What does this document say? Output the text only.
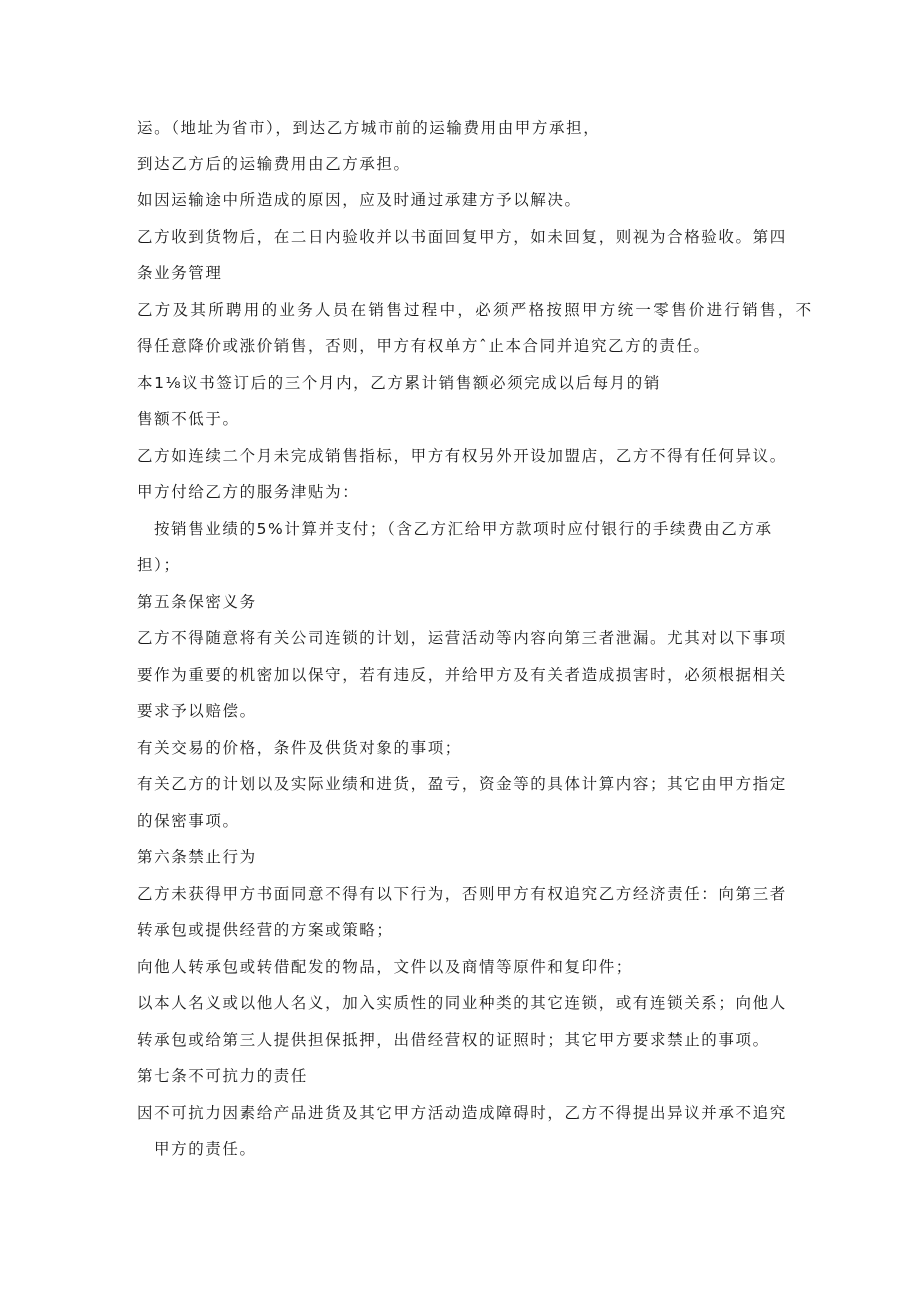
运。（地址为省市），到达乙方城市前的运输费用由甲方承担，
到达乙方后的运输费用由乙方承担。
如因运输途中所造成的原因，应及时通过承建方予以解决。
乙方收到货物后，在二日内验收并以书面回复甲方，如未回复，则视为合格验收。第四
条业务管理
乙方及其所聘用的业务人员在销售过程中，必须严格按照甲方统一零售价进行销售，不
得任意降价或涨价销售，否则，甲方有权单方ˆ止本合同并追究乙方的责任。
本1⅛议书签订后的三个月内，乙方累计销售额必须完成以后每月的销
售额不低于。
乙方如连续二个月未完成销售指标，甲方有权另外开设加盟店，乙方不得有任何异议。
甲方付给乙方的服务津贴为：
按销售业绩的5%计算并支付；（含乙方汇给甲方款项时应付银行的手续费由乙方承
担）；
第五条保密义务
乙方不得随意将有关公司连锁的计划，运营活动等内容向第三者泄漏。尤其对以下事项
要作为重要的机密加以保守，若有违反，并给甲方及有关者造成损害时，必须根据相关
要求予以赔偿。
有关交易的价格，条件及供货对象的事项；
有关乙方的计划以及实际业绩和进货，盈亏，资金等的具体计算内容；其它由甲方指定
的保密事项。
第六条禁止行为
乙方未获得甲方书面同意不得有以下行为，否则甲方有权追究乙方经济责任：向第三者
转承包或提供经营的方案或策略；
向他人转承包或转借配发的物品，文件以及商情等原件和复印件；
以本人名义或以他人名义，加入实质性的同业种类的其它连锁，或有连锁关系；向他人
转承包或给第三人提供担保抵押，出借经营权的证照时；其它甲方要求禁止的事项。
第七条不可抗力的责任
因不可抗力因素给产品进货及其它甲方活动造成障碍时，乙方不得提出异议并承不追究
甲方的责任。
